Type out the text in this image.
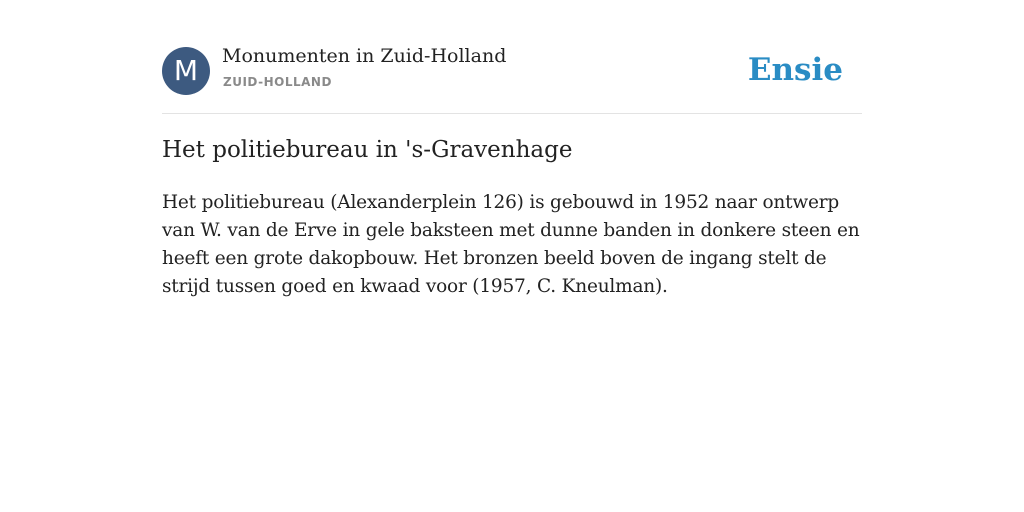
M	Monumenten in Zuid-Holland
ZUID-HOLLAND	Ensie
Het politiebureau in 's-Gravenhage

Het politiebureau (Alexanderplein 126) is gebouwd in 1952 naar ontwerp van W. van de Erve in gele baksteen met dunne banden in donkere steen en heeft een grote dakopbouw. Het bronzen beeld boven de ingang stelt de strijd tussen goed en kwaad voor (1957, C. Kneulman).
